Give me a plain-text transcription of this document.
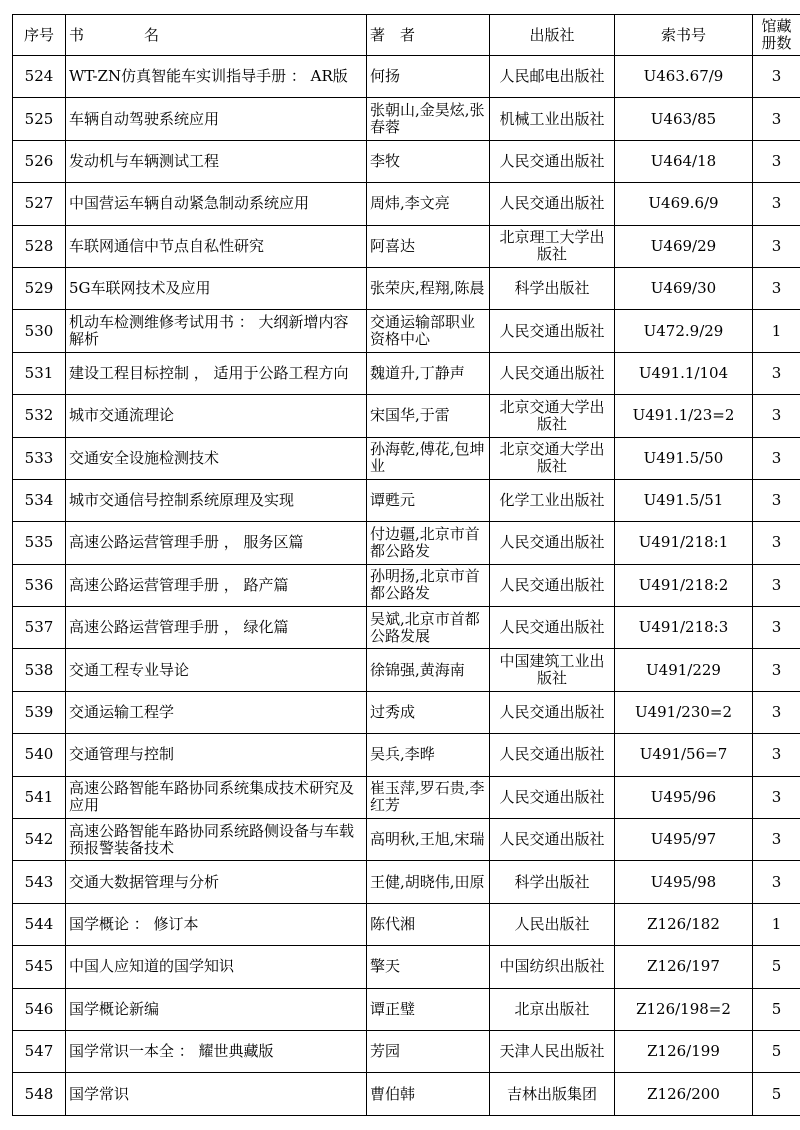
序号	书　　　　名	著　者	出版社	索书号	馆藏册数

524	WT-ZN仿真智能车实训指导手册 ： AR版	何扬	人民邮电出版社	U463.67/9	3

525	车辆自动驾驶系统应用	张朝山,金昊炫,张春蓉	机械工业出版社	U463/85	3

526	发动机与车辆测试工程	李牧	人民交通出版社	U464/18	3

527	中国营运车辆自动紧急制动系统应用	周炜,李文亮	人民交通出版社	U469.6/9	3

528	车联网通信中节点自私性研究	阿喜达	北京理工大学出版社	U469/29	3

529	5G车联网技术及应用	张荣庆,程翔,陈晨	科学出版社	U469/30	3

530	机动车检测维修考试用书 ： 大纲新增内容解析	交通运输部职业资格中心	人民交通出版社	U472.9/29	1

531	建设工程目标控制 ， 适用于公路工程方向	魏道升,丁静声	人民交通出版社	U491.1/104	3

532	城市交通流理论	宋国华,于雷	北京交通大学出版社	U491.1/23=2	3

533	交通安全设施检测技术	孙海乾,傅花,包坤业	北京交通大学出版社	U491.5/50	3

534	城市交通信号控制系统原理及实现	谭甦元	化学工业出版社	U491.5/51	3

535	高速公路运营管理手册 ， 服务区篇	付边疆,北京市首都公路发	人民交通出版社	U491/218:1	3

536	高速公路运营管理手册 ， 路产篇	孙明扬,北京市首都公路发	人民交通出版社	U491/218:2	3

537	高速公路运营管理手册 ， 绿化篇	吴斌,北京市首都公路发展	人民交通出版社	U491/218:3	3

538	交通工程专业导论	徐锦强,黄海南	中国建筑工业出版社	U491/229	3

539	交通运输工程学	过秀成	人民交通出版社	U491/230=2	3

540	交通管理与控制	吴兵,李晔	人民交通出版社	U491/56=7	3

541	高速公路智能车路协同系统集成技术研究及应用	崔玉萍,罗石贵,李红芳	人民交通出版社	U495/96	3

542	高速公路智能车路协同系统路侧设备与车载预报警装备技术	高明秋,王旭,宋瑞	人民交通出版社	U495/97	3

543	交通大数据管理与分析	王健,胡晓伟,田原	科学出版社	U495/98	3

544	国学概论 ： 修订本	陈代湘	人民出版社	Z126/182	1

545	中国人应知道的国学知识	擎天	中国纺织出版社	Z126/197	5

546	国学概论新编	谭正璧	北京出版社	Z126/198=2	5

547	国学常识一本全 ： 耀世典藏版	芳园	天津人民出版社	Z126/199	5

548	国学常识	曹伯韩	吉林出版集团	Z126/200	5
